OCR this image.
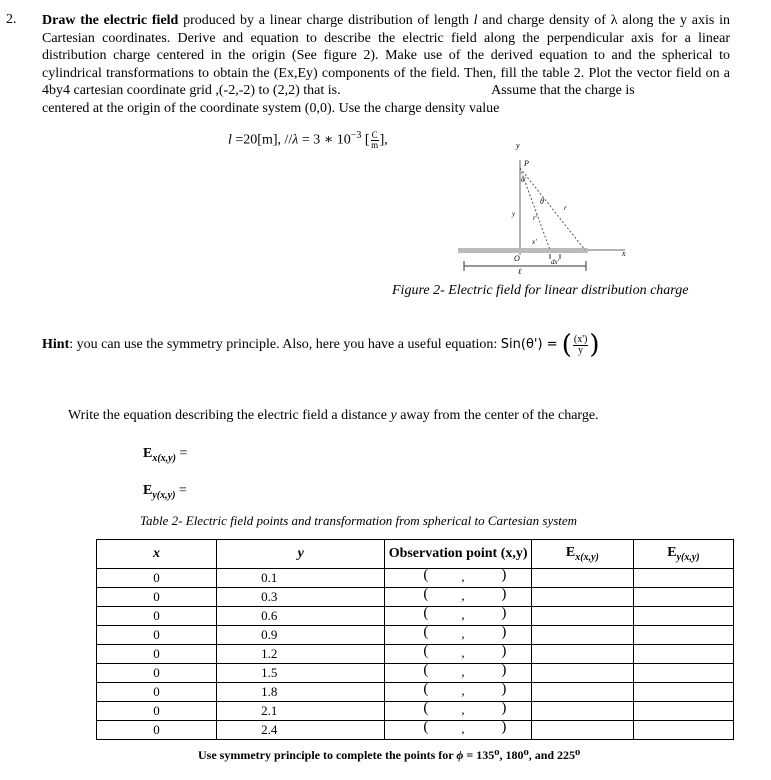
2. Draw the electric field produced by a linear charge distribution of length l and charge density of λ along the y axis in Cartesian coordinates. Derive and equation to describe the electric field along the perpendicular axis for a linear distribution charge centered in the origin (See figure 2). Make use of the derived equation to and the spherical to cylindrical transformations to obtain the (Ex,Ey) components of the field. Then, fill the table 2. Plot the vector field on a 4by4 cartesian coordinate grid ,(-2,-2) to (2,2) that is.	Assume that the charge is
centered at the origin of the coordinate system (0,0). Use the charge density value
l =20[m], //λ = 3 ∗ $10^{-3}$ [ $\frac{C}{m}$],	y
P
θ'
θ
r'
r
y
x'
O
ℓ
dx'
x
Figure 2- Electric field for linear distribution charge
Hint: you can use the symmetry principle. Also, here you have a useful equation: Sin(θ') = ( $\frac{(x')}{y}$)
Write the equation describing the electric field a distance y away from the center of the charge.
$E_{x(x,y)}$ =
$E_{y(x,y)}$ =
Table 2- Electric field points and transformation from spherical to Cartesian system
x	y	Observation point (x,y)	$E_{x(x,y)}$	$E_{y(x,y)}$
0	0.1	( , )		

0	0.3	( , )		

0	0.6	( , )		

0	0.9	( , )		

0	1.2	( , )		

0	1.5	( , )		

0	1.8	( , )		

0	2.1	( , )		

0	2.4	( , )		

Use symmetry principle to complete the points for ϕ = 135⁰, 180⁰, and 225⁰
